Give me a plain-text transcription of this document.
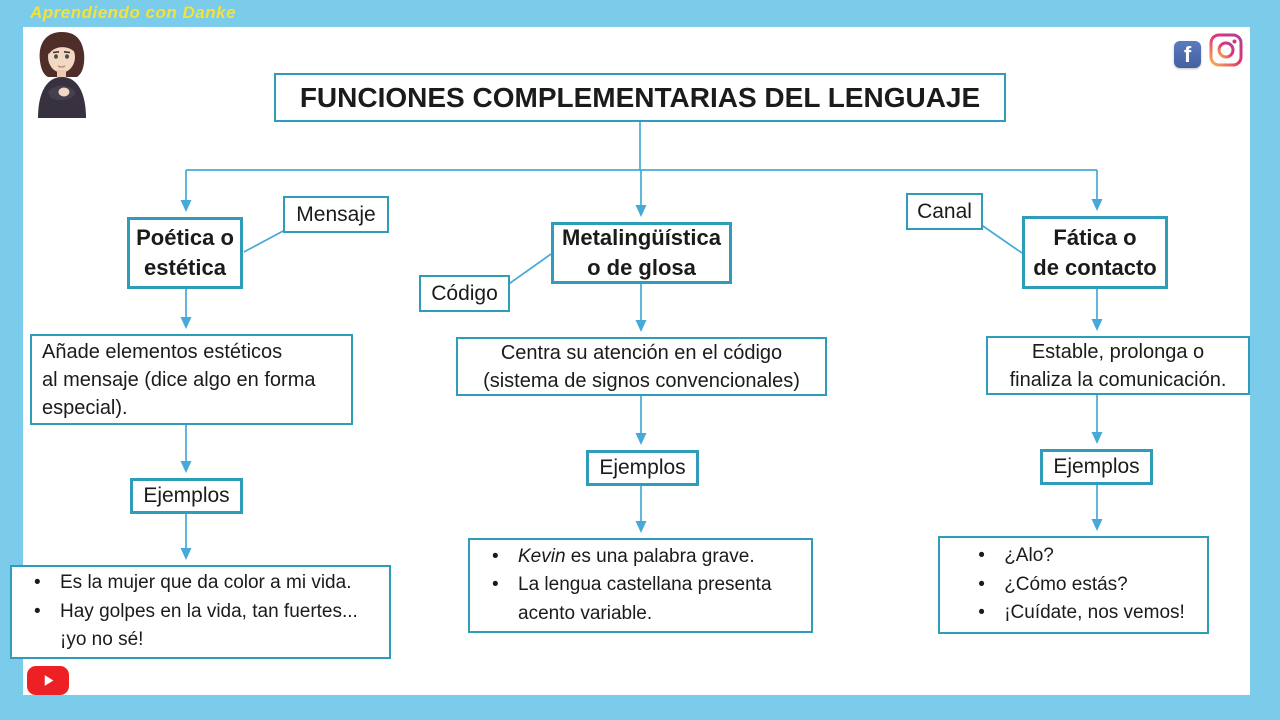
Aprendiendo con Danke
f
FUNCIONES COMPLEMENTARIAS DEL LENGUAJE
Poética o
estética
Mensaje
Añade elementos estéticos
al mensaje (dice algo en forma
especial).
Ejemplos
• Es la mujer que da color a mi vida.
• Hay golpes en la vida, tan fuertes... ¡yo no sé!
Metalingüística
o de glosa
Código
Centra su atención en el código
(sistema de signos convencionales)
Ejemplos
• Kevin es una palabra grave.
• La lengua castellana presenta acento variable.
Fática o
de contacto
Canal
Estable, prolonga o
finaliza la comunicación.
Ejemplos
• ¿Alo?
• ¿Cómo estás?
• ¡Cuídate, nos vemos!
